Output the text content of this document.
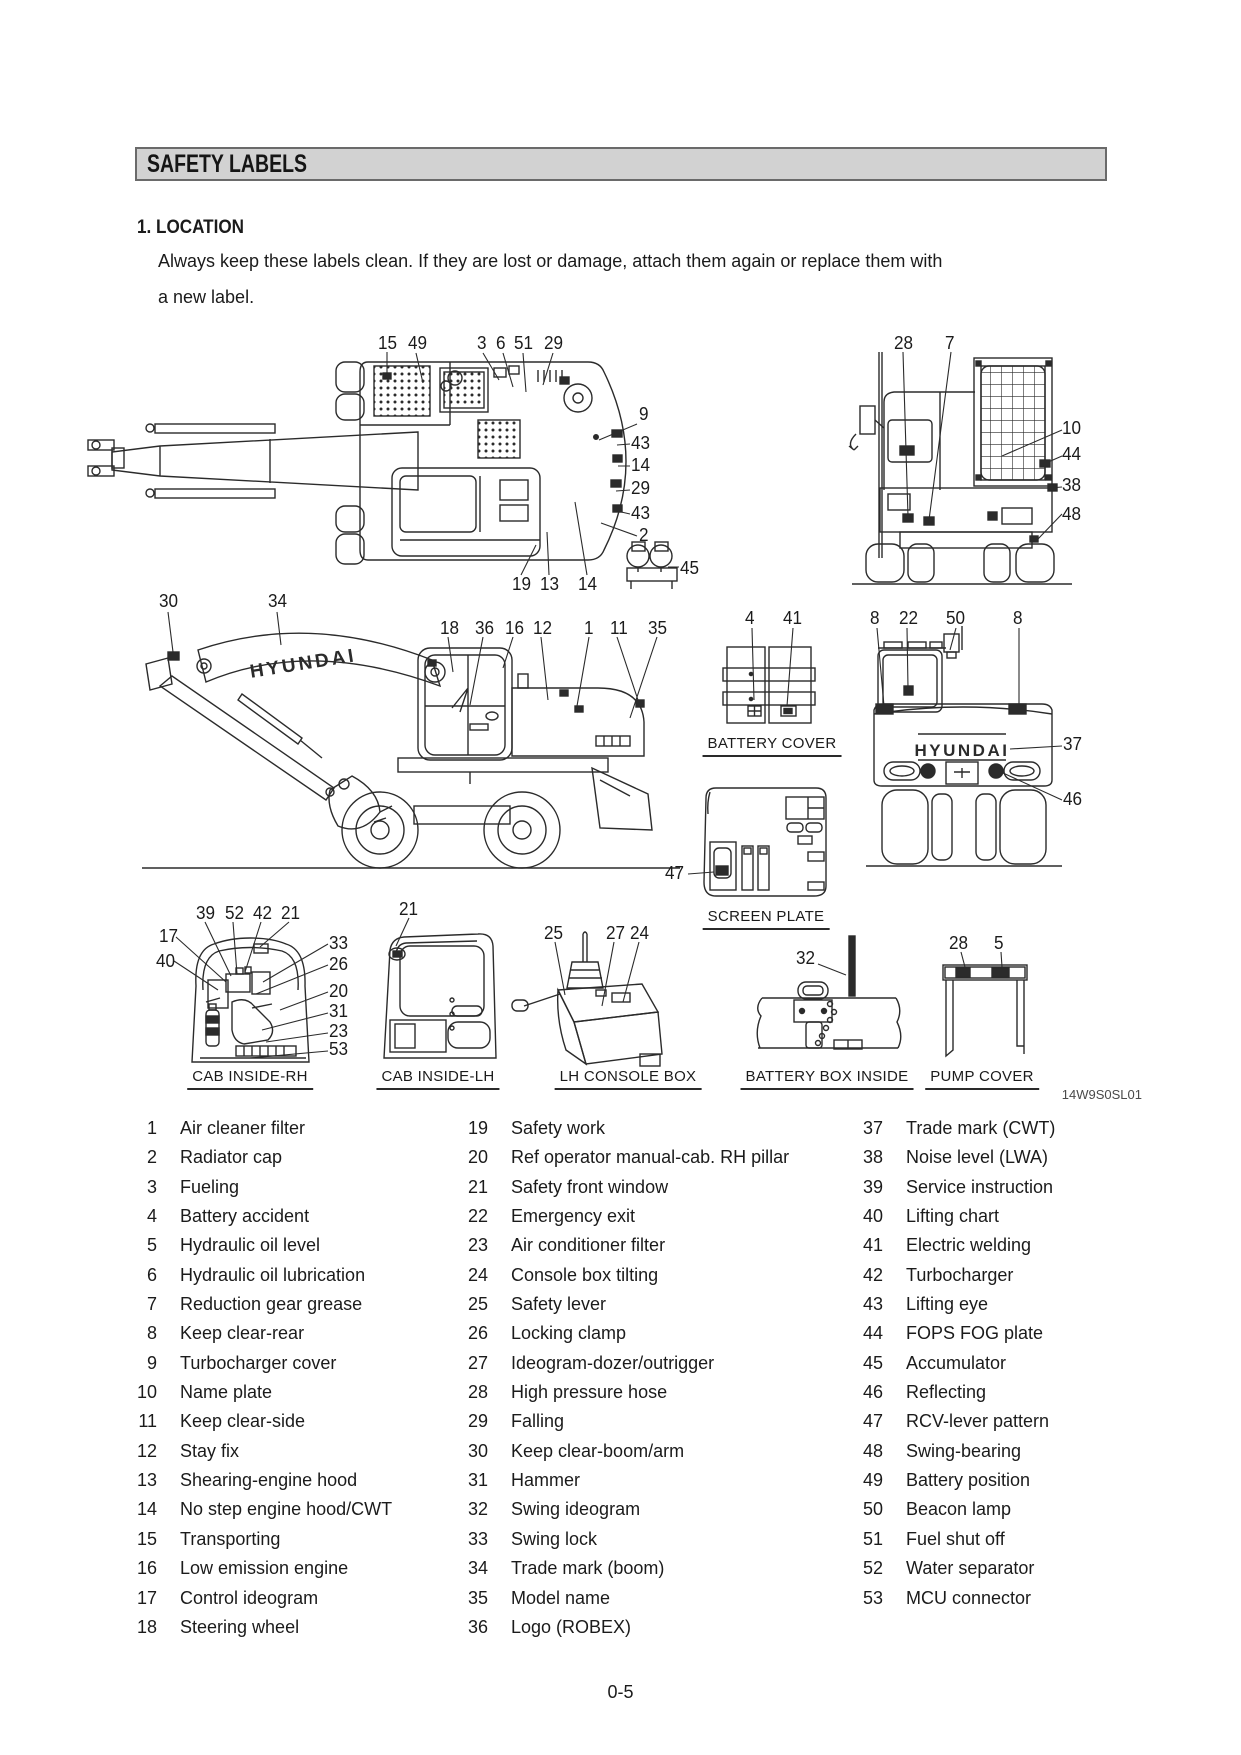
SAFETY LABELS
1. LOCATION
Always keep these labels clean. If they are lost or damage, attach them again or replace them with
a new label.
HYUNDAI
HYUNDAI
15 49	3 6 51 29
9
43
14
29
43
2
19 13 14
45
28 7
10
44
38
48
30	34
18 36 16 12 1 11 35	4 41	8 22 50	8
37
46
47
39 52 42 21
17
40
33
26
20
31
23
53
21
25 27 24
32
28 5
BATTERY COVER
SCREEN PLATE
CAB INSIDE-RH	CAB INSIDE-LH	LH CONSOLE BOX	BATTERY BOX INSIDE	PUMP COVER
14W9S0SL01
1 Air cleaner filter
2 Radiator cap
3 Fueling
4 Battery accident
5 Hydraulic oil level
6 Hydraulic oil lubrication
7 Reduction gear grease
8 Keep clear-rear
9 Turbocharger cover
10 Name plate
11 Keep clear-side
12 Stay fix
13 Shearing-engine hood
14 No step engine hood/CWT
15 Transporting
16 Low emission engine
17 Control ideogram
18 Steering wheel
19 Safety work
20 Ref operator manual-cab. RH pillar
21 Safety front window
22 Emergency exit
23 Air conditioner filter
24 Console box tilting
25 Safety lever
26 Locking clamp
27 Ideogram-dozer/outrigger
28 High pressure hose
29 Falling
30 Keep clear-boom/arm
31 Hammer
32 Swing ideogram
33 Swing lock
34 Trade mark (boom)
35 Model name
36 Logo (ROBEX)
37 Trade mark (CWT)
38 Noise level (LWA)
39 Service instruction
40 Lifting chart
41 Electric welding
42 Turbocharger
43 Lifting eye
44 FOPS FOG plate
45 Accumulator
46 Reflecting
47 RCV-lever pattern
48 Swing-bearing
49 Battery position
50 Beacon lamp
51 Fuel shut off
52 Water separator
53 MCU connector
0-5
